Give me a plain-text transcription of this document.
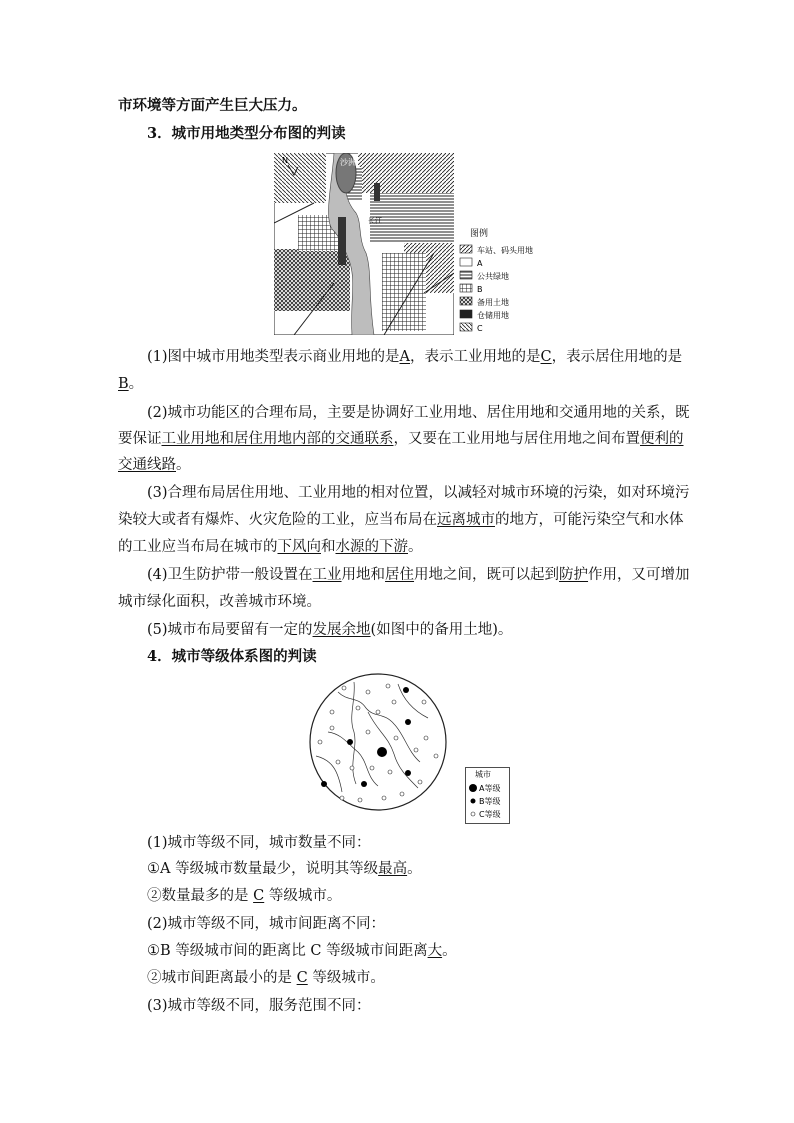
市环境等方面产生巨大压力。
3．城市用地类型分布图的判读
N	沙洲
长江
图例
车站、码头用地
A
公共绿地
B
备用土地
仓储用地
C
(1)图中城市用地类型表示商业用地的是A，表示工业用地的是C，表示居住用地的是
B。
(2)城市功能区的合理布局，主要是协调好工业用地、居住用地和交通用地的关系，既
要保证工业用地和居住用地内部的交通联系，又要在工业用地与居住用地之间布置便利的
交通线路。
(3)合理布局居住用地、工业用地的相对位置，以减轻对城市环境的污染，如对环境污
染较大或者有爆炸、火灾危险的工业，应当布局在远离城市的地方，可能污染空气和水体
的工业应当布局在城市的下风向和水源的下游。
(4)卫生防护带一般设置在工业用地和居住用地之间，既可以起到防护作用，又可增加
城市绿化面积，改善城市环境。
(5)城市布局要留有一定的发展余地(如图中的备用土地)。
4．城市等级体系图的判读
城市
A等级
B等级
C等级
(1)城市等级不同，城市数量不同：
①A 等级城市数量最少，说明其等级最高。
②数量最多的是 C 等级城市。
(2)城市等级不同，城市间距离不同：
①B 等级城市间的距离比 C 等级城市间距离大。
②城市间距离最小的是 C 等级城市。
(3)城市等级不同，服务范围不同：
